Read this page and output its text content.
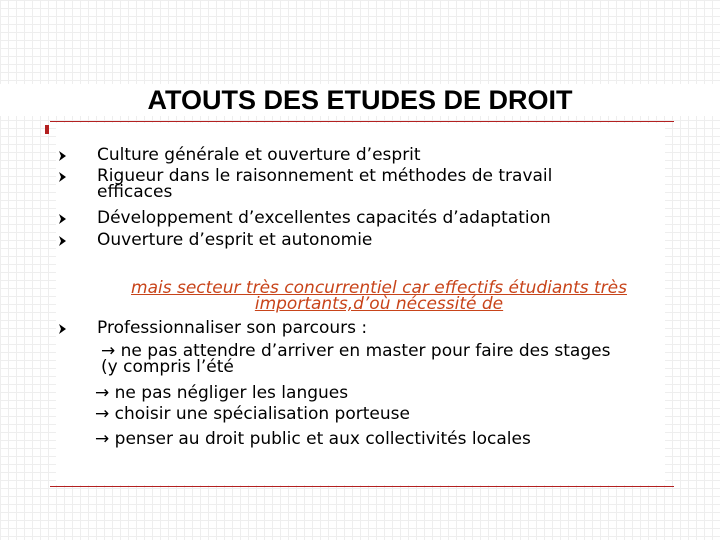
ATOUTS DES ETUDES DE DROIT

Culture générale et ouverture d’esprit

Rigueur dans le raisonnement et méthodes de travail efficaces

Développement d’excellentes capacités d’adaptation

Ouverture d’esprit et autonomie

mais secteur très concurrentiel car effectifs étudiants très importants,d’où nécessité de

Professionnaliser son parcours :

→ ne pas attendre d’arriver en master pour faire des stages (y compris l’été

→ ne pas négliger les langues

→ choisir une spécialisation porteuse

→ penser au droit public et aux collectivités locales
